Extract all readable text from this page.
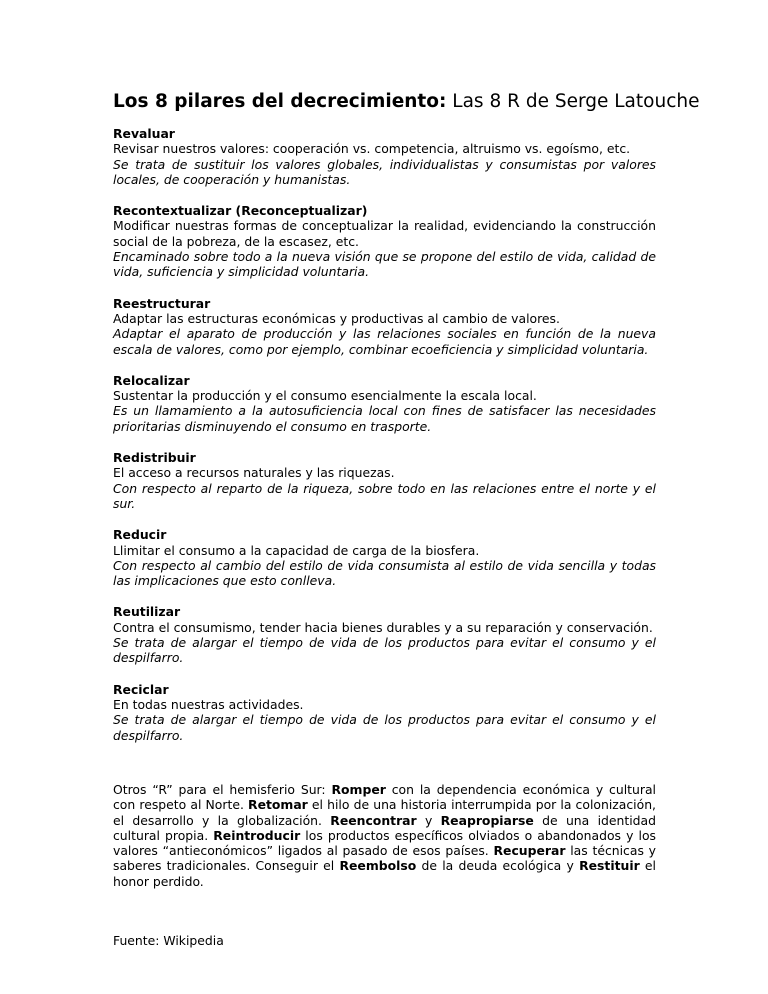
Los 8 pilares del decrecimiento: Las 8 R de Serge Latouche
Revaluar
Revisar nuestros valores: cooperación vs. competencia, altruismo vs. egoísmo, etc.
Se trata de sustituir los valores globales, individualistas y consumistas por valores locales, de cooperación y humanistas.
Recontextualizar (Reconceptualizar)
Modificar nuestras formas de conceptualizar la realidad, evidenciando la construcción social de la pobreza, de la escasez, etc.
Encaminado sobre todo a la nueva visión que se propone del estilo de vida, calidad de vida, suficiencia y simplicidad voluntaria.
Reestructurar
Adaptar las estructuras económicas y productivas al cambio de valores.
Adaptar el aparato de producción y las relaciones sociales en función de la nueva escala de valores, como por ejemplo, combinar ecoeficiencia y simplicidad voluntaria.
Relocalizar
Sustentar la producción y el consumo esencialmente la escala local.
Es un llamamiento a la autosuficiencia local con fines de satisfacer las necesidades prioritarias disminuyendo el consumo en trasporte.
Redistribuir
El acceso a recursos naturales y las riquezas.
Con respecto al reparto de la riqueza, sobre todo en las relaciones entre el norte y el sur.
Reducir
Llimitar el consumo a la capacidad de carga de la biosfera.
Con respecto al cambio del estilo de vida consumista al estilo de vida sencilla y todas las implicaciones que esto conlleva.
Reutilizar
Contra el consumismo, tender hacia bienes durables y a su reparación y conservación.
Se trata de alargar el tiempo de vida de los productos para evitar el consumo y el despilfarro.
Reciclar
En todas nuestras actividades.
Se trata de alargar el tiempo de vida de los productos para evitar el consumo y el despilfarro.
Otros “R” para el hemisferio Sur: Romper con la dependencia económica y cultural con respeto al Norte. Retomar el hilo de una historia interrumpida por la colonización, el desarrollo y la globalización. Reencontrar y Reapropiarse de una identidad cultural propia. Reintroducir los productos específicos olviados o abandonados y los valores “antieconómicos” ligados al pasado de esos países. Recuperar las técnicas y saberes tradicionales. Conseguir el Reembolso de la deuda ecológica y Restituir el honor perdido.
Fuente: Wikipedia
